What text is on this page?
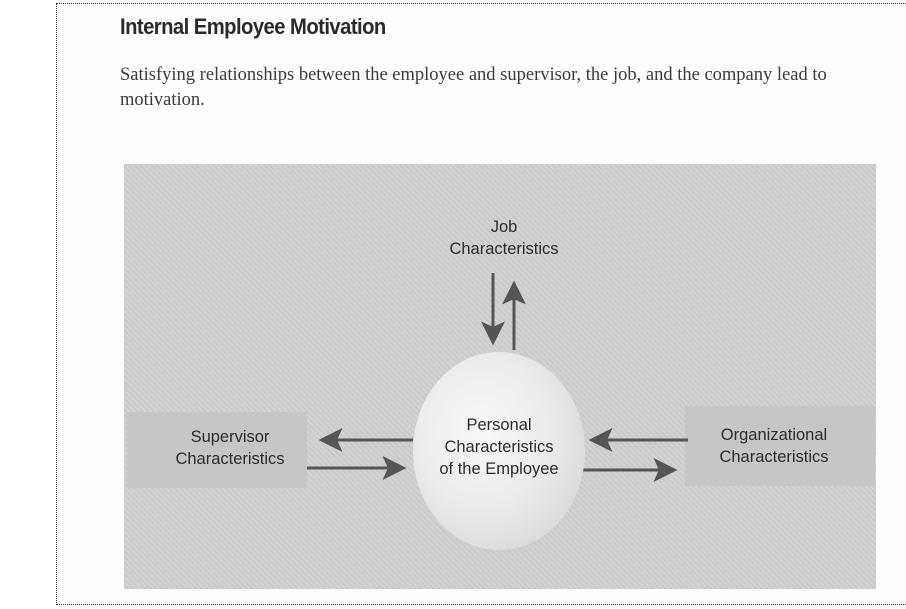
Internal Employee Motivation

Satisfying relationships between the employee and supervisor, the job, and the company lead to motivation.

Job
Characteristics
Supervisor
Characteristics
Organizational
Characteristics
Personal
Characteristics
of the Employee
